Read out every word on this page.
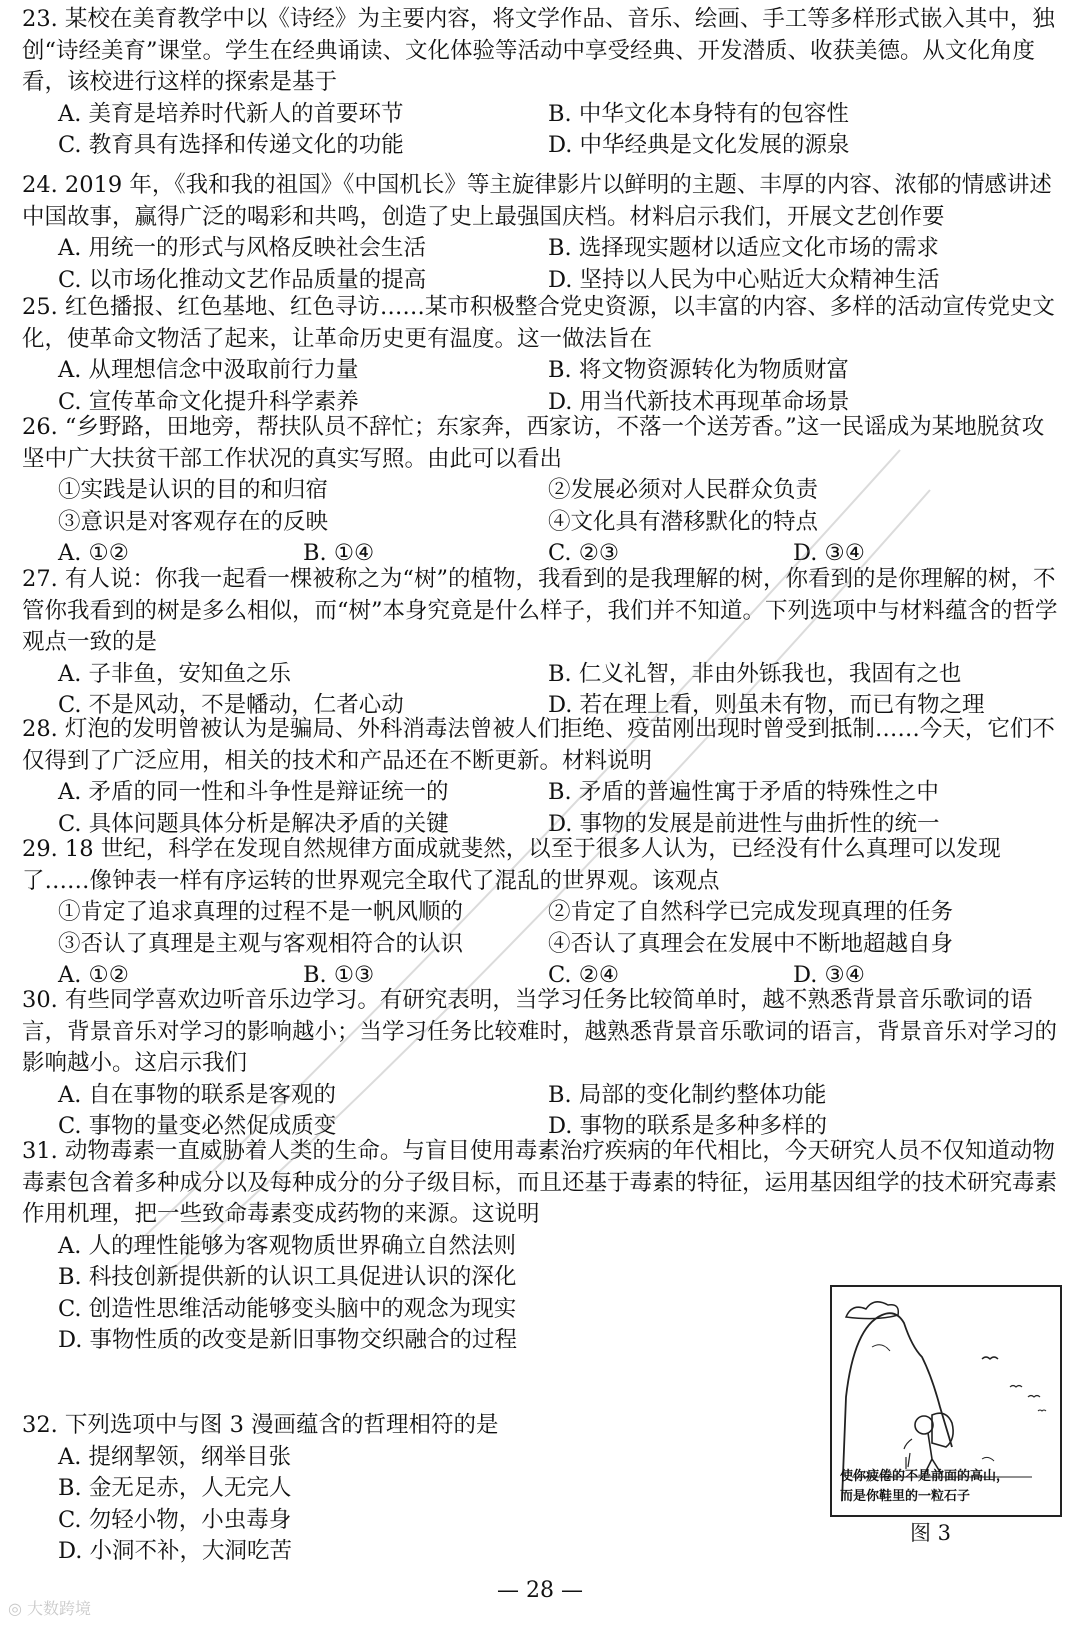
23. 某校在美育教学中以《诗经》为主要内容，将文学作品、音乐、绘画、手工等多样形式嵌入其中，独创“诗经美育”课堂。学生在经典诵读、文化体验等活动中享受经典、开发潜质、收获美德。从文化角度看，该校进行这样的探索是基于
A. 美育是培养时代新人的首要环节	B. 中华文化本身特有的包容性
C. 教育具有选择和传递文化的功能	D. 中华经典是文化发展的源泉
24. 2019 年，《我和我的祖国》《中国机长》等主旋律影片以鲜明的主题、丰厚的内容、浓郁的情感讲述中国故事，赢得广泛的喝彩和共鸣，创造了史上最强国庆档。材料启示我们，开展文艺创作要
A. 用统一的形式与风格反映社会生活	B. 选择现实题材以适应文化市场的需求
C. 以市场化推动文艺作品质量的提高	D. 坚持以人民为中心贴近大众精神生活
25. 红色播报、红色基地、红色寻访……某市积极整合党史资源，以丰富的内容、多样的活动宣传党史文化，使革命文物活了起来，让革命历史更有温度。这一做法旨在
A. 从理想信念中汲取前行力量	B. 将文物资源转化为物质财富
C. 宣传革命文化提升科学素养	D. 用当代新技术再现革命场景
26. “乡野路，田地旁，帮扶队员不辞忙；东家奔，西家访，不落一个送芳香。”这一民谣成为某地脱贫攻坚中广大扶贫干部工作状况的真实写照。由此可以看出
①实践是认识的目的和归宿	②发展必须对人民群众负责
③意识是对客观存在的反映	④文化具有潜移默化的特点
A. ①②	B. ①④	C. ②③	D. ③④
27. 有人说：你我一起看一棵被称之为“树”的植物，我看到的是我理解的树，你看到的是你理解的树，不管你我看到的树是多么相似，而“树”本身究竟是什么样子，我们并不知道。下列选项中与材料蕴含的哲学观点一致的是
A. 子非鱼，安知鱼之乐	B. 仁义礼智，非由外铄我也，我固有之也
C. 不是风动，不是幡动，仁者心动	D. 若在理上看，则虽未有物，而已有物之理
28. 灯泡的发明曾被认为是骗局、外科消毒法曾被人们拒绝、疫苗刚出现时曾受到抵制……今天，它们不仅得到了广泛应用，相关的技术和产品还在不断更新。材料说明
A. 矛盾的同一性和斗争性是辩证统一的	B. 矛盾的普遍性寓于矛盾的特殊性之中
C. 具体问题具体分析是解决矛盾的关键	D. 事物的发展是前进性与曲折性的统一
29. 18 世纪，科学在发现自然规律方面成就斐然，以至于很多人认为，已经没有什么真理可以发现了……像钟表一样有序运转的世界观完全取代了混乱的世界观。该观点
①肯定了追求真理的过程不是一帆风顺的	②肯定了自然科学已完成发现真理的任务
③否认了真理是主观与客观相符合的认识	④否认了真理会在发展中不断地超越自身
A. ①②	B. ①③	C. ②④	D. ③④
30. 有些同学喜欢边听音乐边学习。有研究表明，当学习任务比较简单时，越不熟悉背景音乐歌词的语言，背景音乐对学习的影响越小；当学习任务比较难时，越熟悉背景音乐歌词的语言，背景音乐对学习的影响越小。这启示我们
A. 自在事物的联系是客观的	B. 局部的变化制约整体功能
C. 事物的量变必然促成质变	D. 事物的联系是多种多样的
31. 动物毒素一直威胁着人类的生命。与盲目使用毒素治疗疾病的年代相比，今天研究人员不仅知道动物毒素包含着多种成分以及每种成分的分子级目标，而且还基于毒素的特征，运用基因组学的技术研究毒素作用机理，把一些致命毒素变成药物的来源。这说明
A. 人的理性能够为客观物质世界确立自然法则
B. 科技创新提供新的认识工具促进认识的深化
C. 创造性思维活动能够变头脑中的观念为现实
D. 事物性质的改变是新旧事物交织融合的过程
32. 下列选项中与图 3 漫画蕴含的哲理相符的是
A. 提纲挈领，纲举目张
B. 金无足赤，人无完人
C. 勿轻小物，小虫毒身
D. 小洞不补，大洞吃苦
使你疲倦的不是前面的高山，
而是你鞋里的一粒石子
图 3
— 28 —
◎ 大数跨境
